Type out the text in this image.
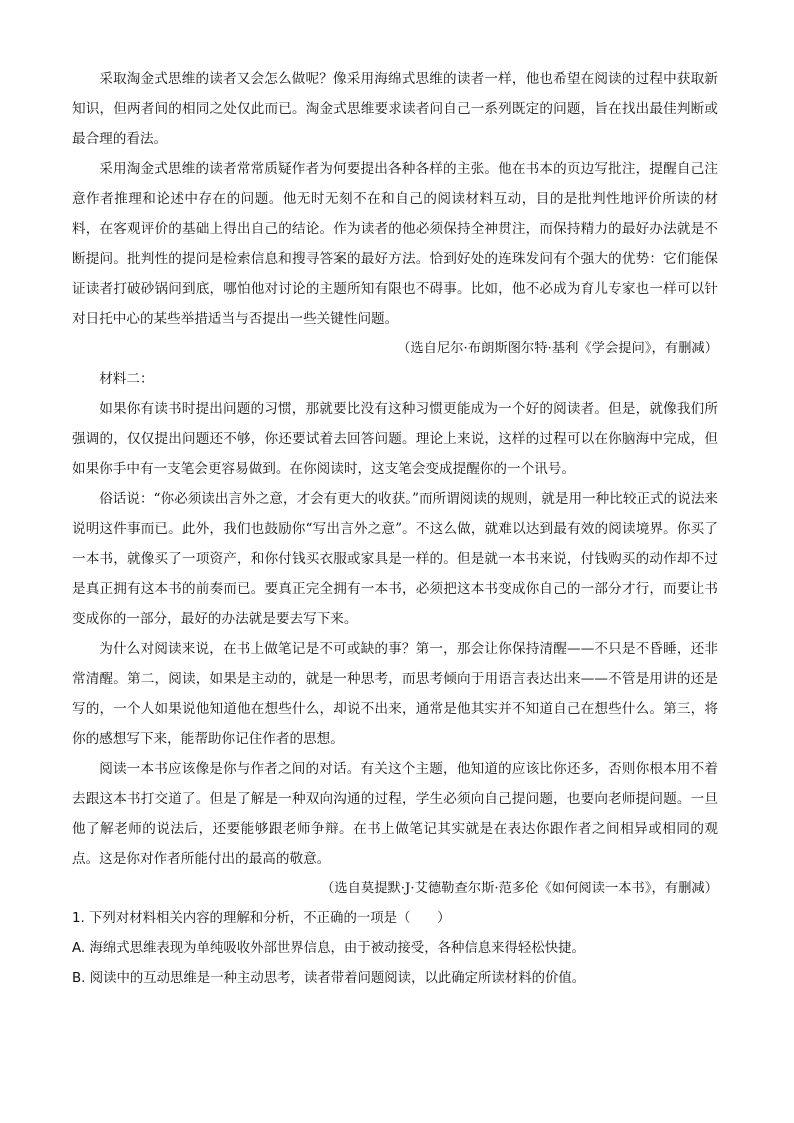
采取淘金式思维的读者又会怎么做呢？像采用海绵式思维的读者一样，他也希望在阅读的过程中获取新知识，但两者间的相同之处仅此而已。淘金式思维要求读者问自己一系列既定的问题，旨在找出最佳判断或最合理的看法。

采用淘金式思维的读者常常质疑作者为何要提出各种各样的主张。他在书本的页边写批注，提醒自己注意作者推理和论述中存在的问题。他无时无刻不在和自己的阅读材料互动，目的是批判性地评价所读的材料，在客观评价的基础上得出自己的结论。作为读者的他必须保持全神贯注，而保持精力的最好办法就是不断提问。批判性的提问是检索信息和搜寻答案的最好方法。恰到好处的连珠发问有个强大的优势：它们能保证读者打破砂锅问到底，哪怕他对讨论的主题所知有限也不碍事。比如，他不必成为育儿专家也一样可以针对日托中心的某些举措适当与否提出一些关键性问题。

（选自尼尔·布朗斯图尔特·基利《学会提问》，有删减）

材料二：

如果你有读书时提出问题的习惯，那就要比没有这种习惯更能成为一个好的阅读者。但是，就像我们所强调的，仅仅提出问题还不够，你还要试着去回答问题。理论上来说，这样的过程可以在你脑海中完成，但如果你手中有一支笔会更容易做到。在你阅读时，这支笔会变成提醒你的一个讯号。

俗话说：“你必须读出言外之意，才会有更大的收获。”而所谓阅读的规则，就是用一种比较正式的说法来说明这件事而已。此外，我们也鼓励你“写出言外之意”。不这么做，就难以达到最有效的阅读境界。你买了一本书，就像买了一项资产，和你付钱买衣服或家具是一样的。但是就一本书来说，付钱购买的动作却不过是真正拥有这本书的前奏而已。要真正完全拥有一本书，必须把这本书变成你自己的一部分才行，而要让书变成你的一部分，最好的办法就是要去写下来。

为什么对阅读来说，在书上做笔记是不可或缺的事？第一，那会让你保持清醒——不只是不昏睡，还非常清醒。第二，阅读，如果是主动的，就是一种思考，而思考倾向于用语言表达出来——不管是用讲的还是写的，一个人如果说他知道他在想些什么，却说不出来，通常是他其实并不知道自己在想些什么。第三，将你的感想写下来，能帮助你记住作者的思想。

阅读一本书应该像是你与作者之间的对话。有关这个主题，他知道的应该比你还多，否则你根本用不着去跟这本书打交道了。但是了解是一种双向沟通的过程，学生必须向自己提问题，也要向老师提问题。一旦他了解老师的说法后，还要能够跟老师争辩。在书上做笔记其实就是在表达你跟作者之间相异或相同的观点。这是你对作者所能付出的最高的敬意。

（选自莫提默·J·艾德勒查尔斯·范多伦《如何阅读一本书》，有删减）

1. 下列对材料相关内容的理解和分析，不正确的一项是（　　）

A. 海绵式思维表现为单纯吸收外部世界信息，由于被动接受，各种信息来得轻松快捷。

B. 阅读中的互动思维是一种主动思考，读者带着问题阅读，以此确定所读材料的价值。
